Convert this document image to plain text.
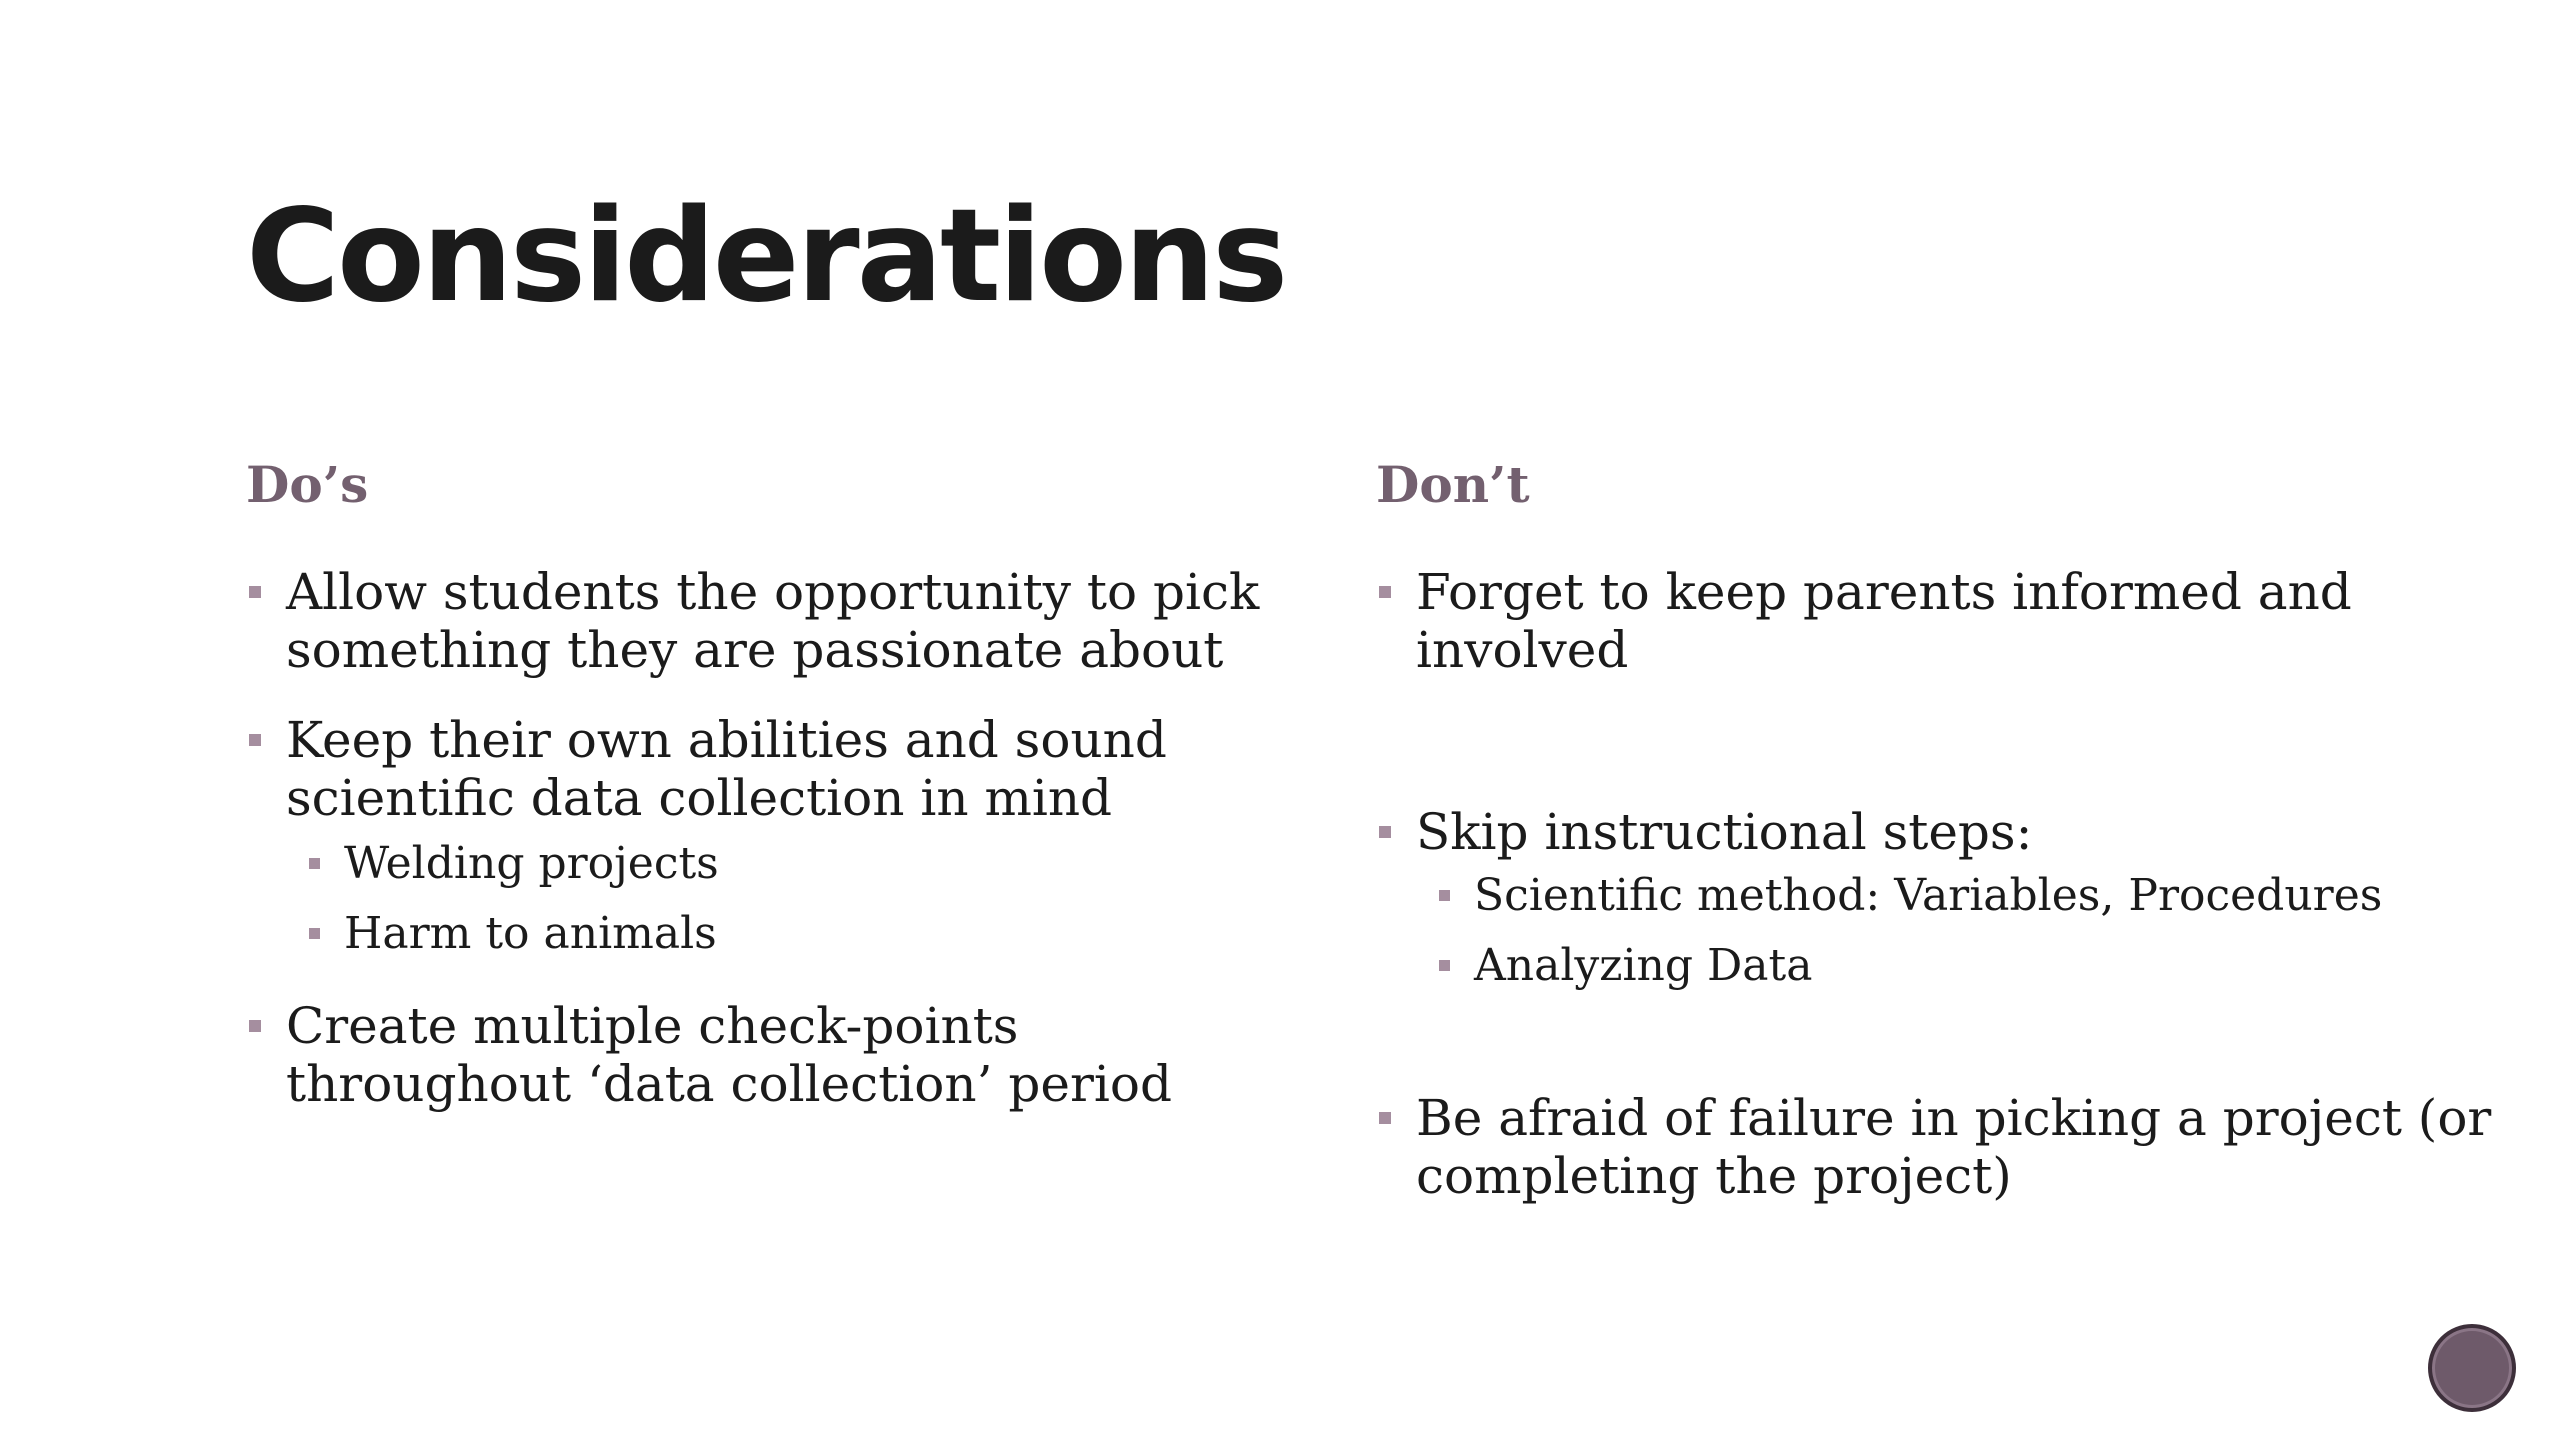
Considerations
Do’s
Allow students the opportunity to pick something they are passionate about
Keep their own abilities and sound scientific data collection in mind
Welding projects
Harm to animals
Create multiple check-points throughout ‘data collection’ period
Don’t
Forget to keep parents informed and involved
Skip instructional steps:
Scientific method: Variables, Procedures
Analyzing Data
Be afraid of failure in picking a project (or completing the project)
